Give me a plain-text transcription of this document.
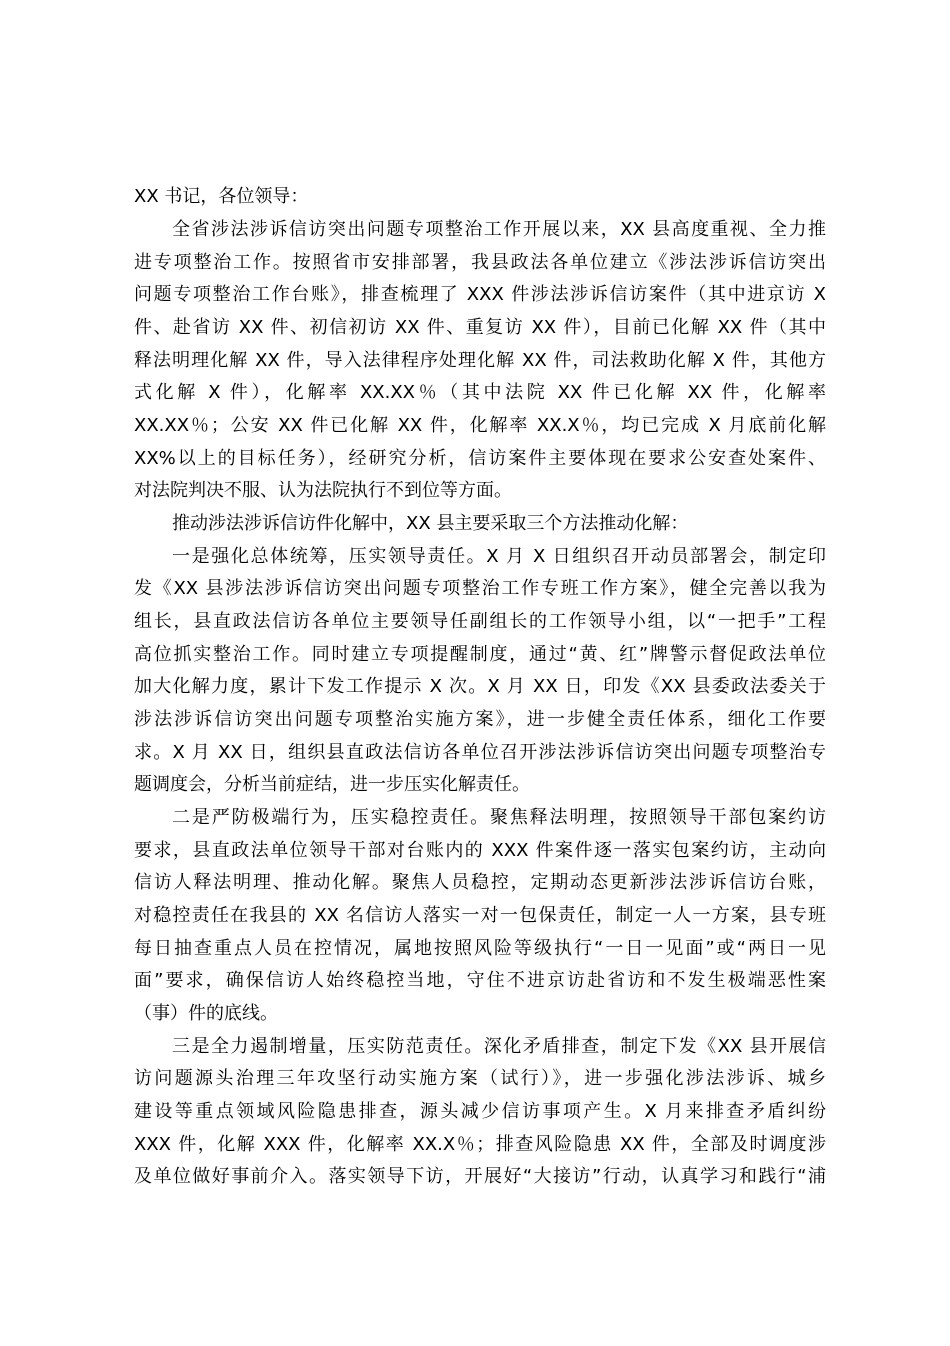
XX 书记，各位领导：
全省涉法涉诉信访突出问题专项整治工作开展以来，XX 县高度重视、全力推
进专项整治工作。按照省市安排部署，我县政法各单位建立《涉法涉诉信访突出
问题专项整治工作台账》，排查梳理了 XXX 件涉法涉诉信访案件（其中进京访 X
件、赴省访 XX 件、初信初访 XX 件、重复访 XX 件），目前已化解 XX 件（其中
释法明理化解 XX 件，导入法律程序处理化解 XX 件，司法救助化解 X 件，其他方
式化解 X 件），化解率 XX.XX％（其中法院 XX 件已化解 XX 件，化解率
XX.XX％；公安 XX 件已化解 XX 件，化解率 XX.X％，均已完成 X 月底前化解
XX%以上的目标任务），经研究分析，信访案件主要体现在要求公安查处案件、
对法院判决不服、认为法院执行不到位等方面。
推动涉法涉诉信访件化解中，XX 县主要采取三个方法推动化解：
一是强化总体统筹，压实领导责任。X 月 X 日组织召开动员部署会，制定印
发《XX 县涉法涉诉信访突出问题专项整治工作专班工作方案》，健全完善以我为
组长，县直政法信访各单位主要领导任副组长的工作领导小组，以“一把手”工程
高位抓实整治工作。同时建立专项提醒制度，通过“黄、红”牌警示督促政法单位
加大化解力度，累计下发工作提示 X 次。X 月 XX 日，印发《XX 县委政法委关于
涉法涉诉信访突出问题专项整治实施方案》，进一步健全责任体系，细化工作要
求。X 月 XX 日，组织县直政法信访各单位召开涉法涉诉信访突出问题专项整治专
题调度会，分析当前症结，进一步压实化解责任。
二是严防极端行为，压实稳控责任。聚焦释法明理，按照领导干部包案约访
要求，县直政法单位领导干部对台账内的 XXX 件案件逐一落实包案约访，主动向
信访人释法明理、推动化解。聚焦人员稳控，定期动态更新涉法涉诉信访台账，
对稳控责任在我县的 XX 名信访人落实一对一包保责任，制定一人一方案，县专班
每日抽查重点人员在控情况，属地按照风险等级执行“一日一见面”或“两日一见
面”要求，确保信访人始终稳控当地，守住不进京访赴省访和不发生极端恶性案
（事）件的底线。
三是全力遏制增量，压实防范责任。深化矛盾排查，制定下发《XX 县开展信
访问题源头治理三年攻坚行动实施方案（试行）》，进一步强化涉法涉诉、城乡
建设等重点领域风险隐患排查，源头减少信访事项产生。X 月来排查矛盾纠纷
XXX 件，化解 XXX 件，化解率 XX.X％；排查风险隐患 XX 件，全部及时调度涉
及单位做好事前介入。落实领导下访，开展好“大接访”行动，认真学习和践行“浦
